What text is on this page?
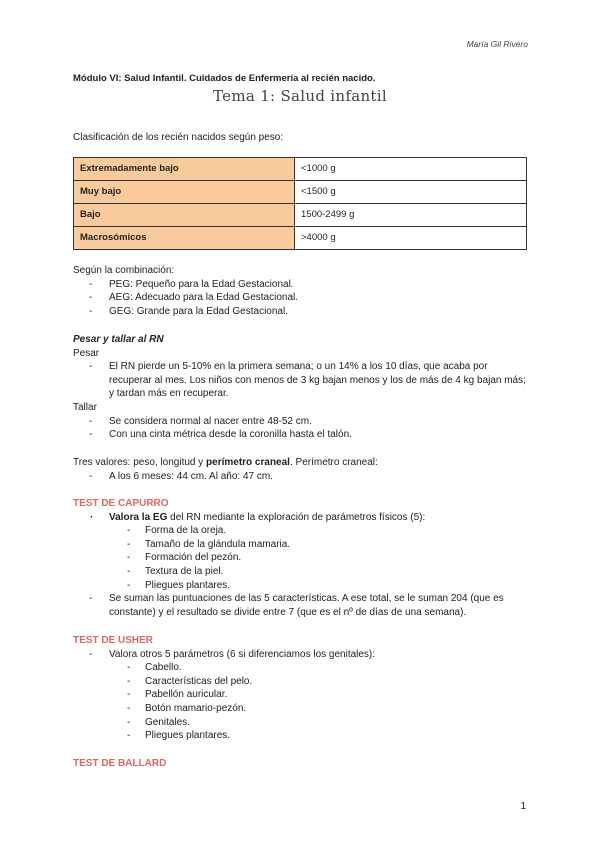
María Gil Rivero
Módulo VI: Salud Infantil. Cuidados de Enfermería al recién nacido.
Tema 1: Salud infantil
Clasificación de los recién nacidos según peso:
Extremadamente bajo	<1000 g
Muy bajo	<1500 g
Bajo	1500-2499 g
Macrosómicos	>4000 g

Según la combinación:

- PEG: Pequeño para la Edad Gestacional.
- AEG: Adecuado para la Edad Gestacional.
- GEG: Grande para la Edad Gestacional.

Pesar y tallar al RN

Pesar

- El RN pierde un 5-10% en la primera semana; o un 14% a los 10 días, que acaba por recuperar al mes. Los niños con menos de 3 kg bajan menos y los de más de 4 kg bajan más; y tardan más en recuperar.

Tallar

- Se considera normal al nacer entre 48-52 cm.
- Con una cinta métrica desde la coronilla hasta el talón.

Tres valores: peso, longitud y perímetro craneal. Perímetro craneal:

- A los 6 meses: 44 cm. Al año: 47 cm.

TEST DE CAPURRO

· Valora la EG del RN mediante la exploración de parámetros físicos (5):
- Forma de la oreja.
- Tamaño de la glándula mamaria.
- Formación del pezón.
- Textura de la piel.
- Pliegues plantares.
- Se suman las puntuaciones de las 5 características. A ese total, se le suman 204 (que es constante) y el resultado se divide entre 7 (que es el nº de días de una semana).

TEST DE USHER

- Valora otros 5 parámetros (6 si diferenciamos los genitales):
- Cabello.
- Características del pelo.
- Pabellón auricular.
- Botón mamario-pezón.
- Genitales.
- Pliegues plantares.

TEST DE BALLARD

1
